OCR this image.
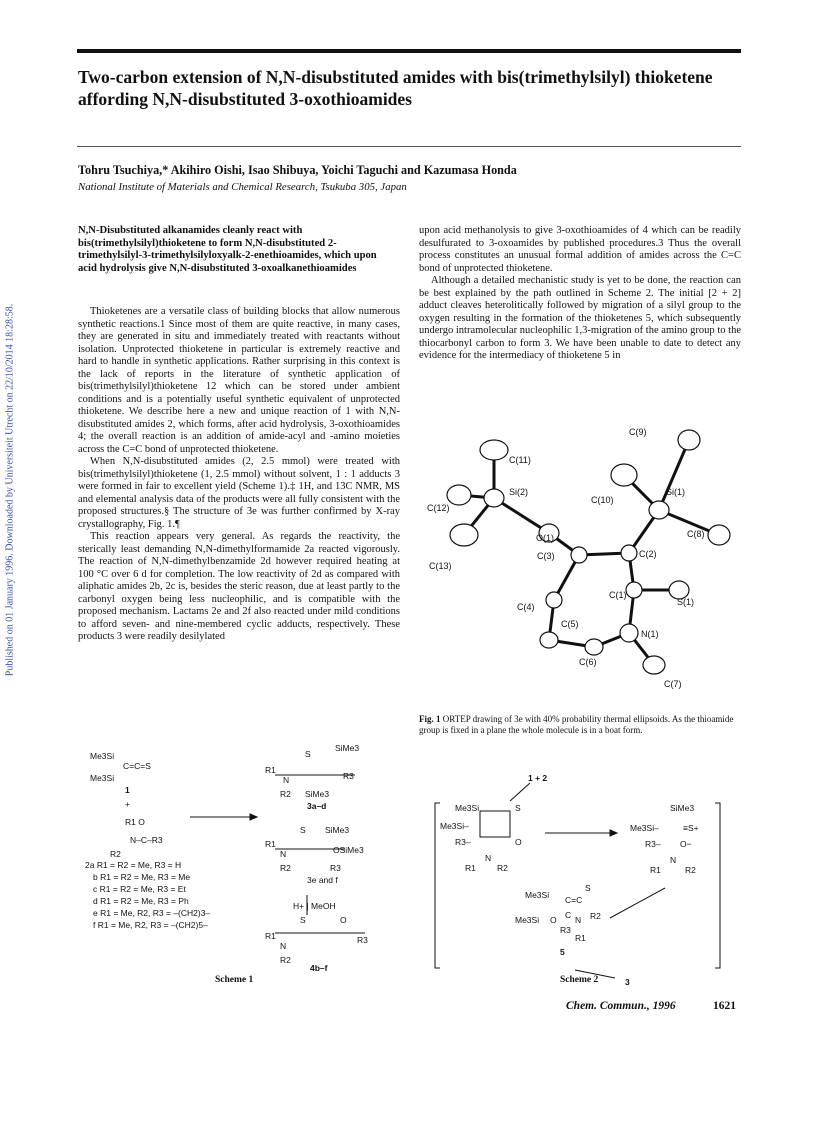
Two-carbon extension of N,N-disubstituted amides with bis(trimethylsilyl) thioketene affording N,N-disubstituted 3-oxothioamides
Tohru Tsuchiya,* Akihiro Oishi, Isao Shibuya, Yoichi Taguchi and Kazumasa Honda
National Institute of Materials and Chemical Research, Tsukuba 305, Japan
Published on 01 January 1996. Downloaded by Universiteit Utrecht on 22/10/2014 18:28:58.
N,N-Disubstituted alkanamides cleanly react with bis(trimethylsilyl)thioketene to form N,N-disubstituted 2-trimethylsilyl-3-trimethylsilyloxyalk-2-enethioamides, which upon acid hydrolysis give N,N-disubstituted 3-oxoalkanethioamides

Thioketenes are a versatile class of building blocks that allow numerous synthetic reactions.1 Since most of them are quite reactive, in many cases, they are generated in situ and immediately treated with reactants without isolation. Unprotected thioketene in particular is extremely reactive and hard to handle in synthetic applications. Rather surprising in this context is the lack of reports in the literature of synthetic application of bis(trimethylsilyl)thioketene 12 which can be stored under ambient conditions and is a potentially useful synthetic equivalent of unprotected thioketene. We describe here a new and unique reaction of 1 with N,N-disubstituted amides 2, which forms, after acid hydrolysis, 3-oxothioamides 4; the overall reaction is an addition of amide-acyl and -amino moieties across the C=C bond of unprotected thioketene.

When N,N-disubstituted amides (2, 2.5 mmol) were treated with bis(trimethylsilyl)thioketene (1, 2.5 mmol) without solvent, 1 : 1 adducts 3 were formed in fair to excellent yield (Scheme 1).‡ 1H, and 13C NMR, MS and elemental analysis data of the products were all fully consistent with the proposed structures.§ The structure of 3e was further confirmed by X-ray crystallography, Fig. 1.¶

This reaction appears very general. As regards the reactivity, the sterically least demanding N,N-dimethylformamide 2a reacted vigorously. The reaction of N,N-dimethylbenzamide 2d however required heating at 100 °C over 6 d for completion. The low reactivity of 2d as compared with aliphatic amides 2b, 2c is, besides the steric reason, due at least partly to the carbonyl oxygen being less nucleophilic, and is compatible with the proposed mechanism. Lactams 2e and 2f also reacted under mild conditions to afford seven- and nine-membered cyclic adducts, respectively. These products 3 were readily desilylated

upon acid methanolysis to give 3-oxothioamides of 4 which can be readily desulfurated to 3-oxoamides by published procedures.3 Thus the overall process constitutes an unusual formal addition of amides across the C=C bond of unprotected thioketene.

Although a detailed mechanistic study is yet to be done, the reaction can be best explained by the path outlined in Scheme 2. The initial [2 + 2] adduct cleaves heterolitically followed by migration of a silyl group to the oxygen resulting in the formation of the thioketenes 5, which subsequently undergo intramolecular nucleophilic 1,3-migration of the amino group to the thiocarbonyl carbon to form 3. We have been unable to date to detect any evidence for the intermediacy of thioketene 5 in

C(9)
C(11)
Si(2)	Si(1)
C(10)
C(12)
O(1)	C(8)
C(3)	C(2)
C(13)
C(1)
S(1)
C(4)
C(5)
N(1)
C(6)
C(7)
Fig. 1 ORTEP drawing of 3e with 40% probability thermal ellipsoids. As the thioamide group is fixed in a plane the whole molecule is in a boat form.
Me3Si
C=C=S
Me3Si
1
+
R1 O
N–C–R3
R2
2a R1 = R2 = Me, R3 = H
b R1 = R2 = Me, R3 = Me
c R1 = R2 = Me, R3 = Et
d R1 = R2 = Me, R3 = Ph
e R1 = Me, R2, R3 = –(CH2)3–
f R1 = Me, R2, R3 = –(CH2)5–
S
SiMe3
R1
R3
N
R2 SiMe3
3a–d
S SiMe3
R1
OSiMe3
N
R2	R3
3e and f
H+ | MeOH
S	O
R1	R3
N
R2
4b–f
Scheme 1
1 + 2
Me3Si	S
Me3Si–
R3–	O
N
R1 R2
SiMe3
Me3Si–	≡S+
R3– O−
N
R1	R2
S
Me3Si C=C
Me3Si O C N R2
R3
R1
5
3
Scheme 2
Chem. Commun., 1996	1621
